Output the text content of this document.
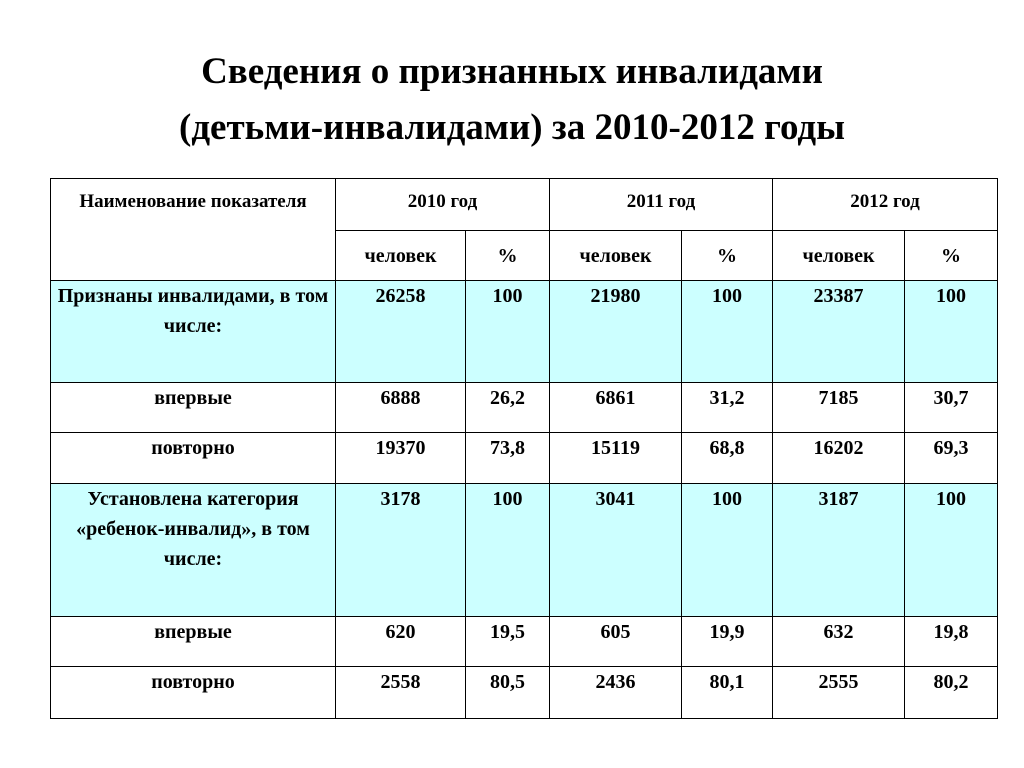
Сведения о признанных инвалидами
(детьми-инвалидами) за 2010-2012 годы
Наименование показателя	2010 год		2011 год		2012 год	
	человек	%	человек	%	человек	%
Признаны инвалидами, в том числе:	26258	100	21980	100	23387	100
впервые	6888	26,2	6861	31,2	7185	30,7
повторно	19370	73,8	15119	68,8	16202	69,3
Установлена категория «ребенок-инвалид», в том числе:	3178	100	3041	100	3187	100
впервые	620	19,5	605	19,9	632	19,8
повторно	2558	80,5	2436	80,1	2555	80,2
